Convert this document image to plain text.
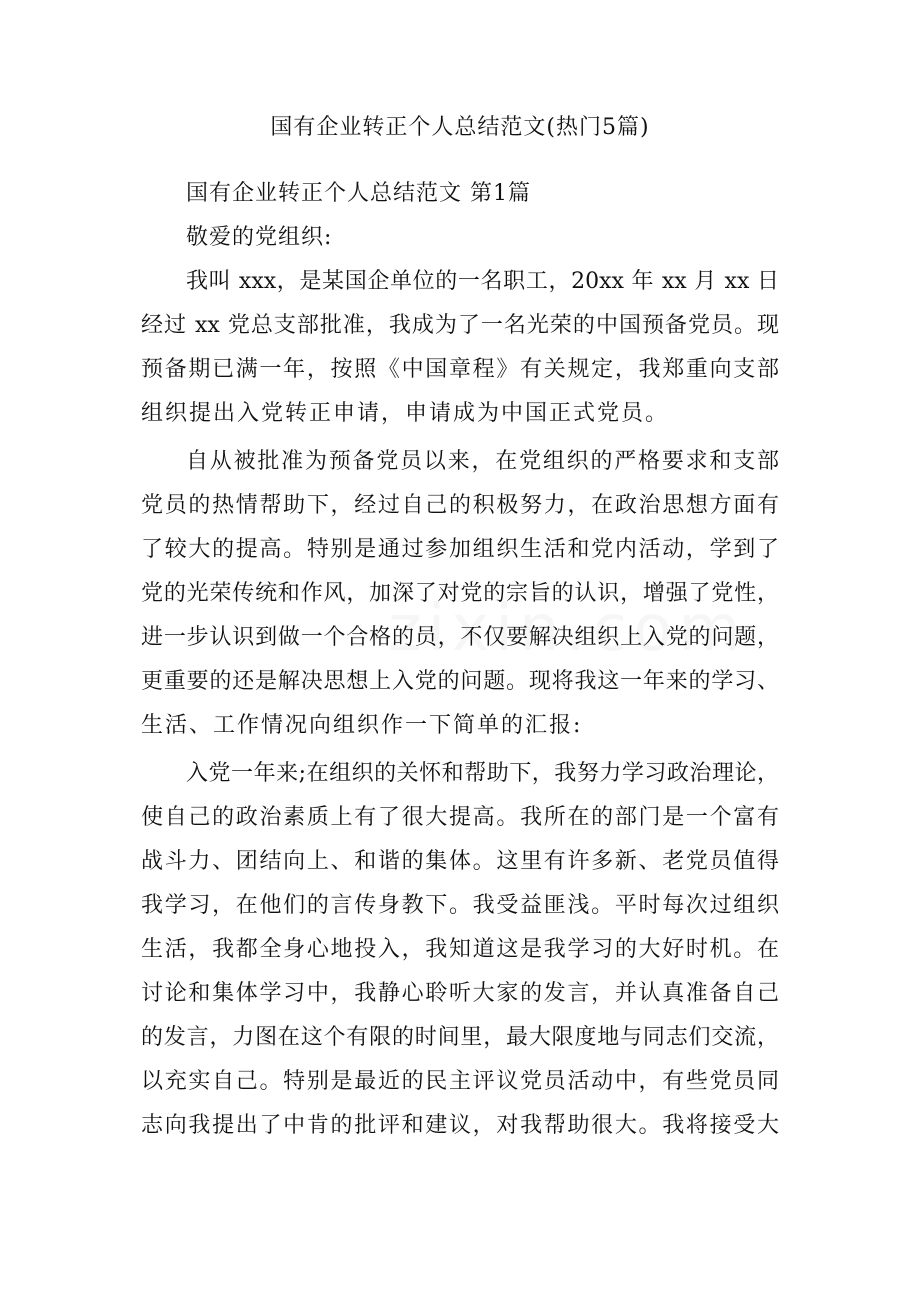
国有企业转正个人总结范文(热门5篇)
国有企业转正个人总结范文 第1篇
敬爱的党组织:
我叫 xxx，是某国企单位的一名职工，20xx 年 xx 月 xx 日
经过 xx 党总支部批准，我成为了一名光荣的中国预备党员。现
预备期已满一年，按照《中国章程》有关规定，我郑重向支部
组织提出入党转正申请，申请成为中国正式党员。
自从被批准为预备党员以来，在党组织的严格要求和支部
党员的热情帮助下，经过自己的积极努力，在政治思想方面有
了较大的提高。特别是通过参加组织生活和党内活动，学到了
党的光荣传统和作风，加深了对党的宗旨的认识，增强了党性，
进一步认识到做一个合格的员，不仅要解决组织上入党的问题，
更重要的还是解决思想上入党的问题。现将我这一年来的学习、
生活、工作情况向组织作一下简单的汇报:
入党一年来;在组织的关怀和帮助下，我努力学习政治理论，
使自己的政治素质上有了很大提高。我所在的部门是一个富有
战斗力、团结向上、和谐的集体。这里有许多新、老党员值得
我学习，在他们的言传身教下。我受益匪浅。平时每次过组织
生活，我都全身心地投入，我知道这是我学习的大好时机。在
讨论和集体学习中，我静心聆听大家的发言，并认真准备自己
的发言，力图在这个有限的时间里，最大限度地与同志们交流，
以充实自己。特别是最近的民主评议党员活动中，有些党员同
志向我提出了中肯的批评和建议，对我帮助很大。我将接受大
